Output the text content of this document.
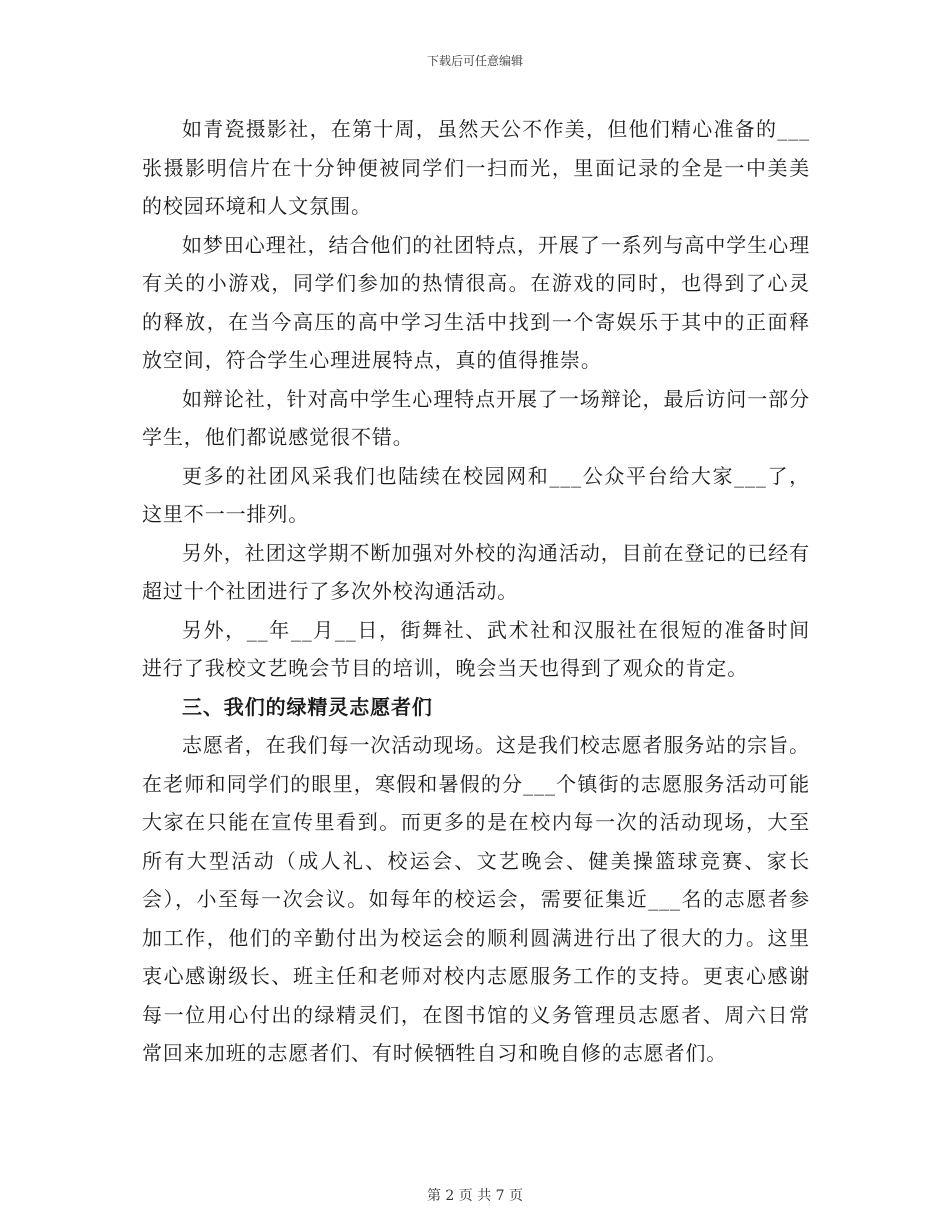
下载后可任意编辑

如青瓷摄影社，在第十周，虽然天公不作美，但他们精心准备的___张摄影明信片在十分钟便被同学们一扫而光，里面记录的全是一中美美的校园环境和人文氛围。

如梦田心理社，结合他们的社团特点，开展了一系列与高中学生心理有关的小游戏，同学们参加的热情很高。在游戏的同时，也得到了心灵的释放，在当今高压的高中学习生活中找到一个寄娱乐于其中的正面释放空间，符合学生心理进展特点，真的值得推崇。

如辩论社，针对高中学生心理特点开展了一场辩论，最后访问一部分学生，他们都说感觉很不错。

更多的社团风采我们也陆续在校园网和___公众平台给大家___了，这里不一一排列。

另外，社团这学期不断加强对外校的沟通活动，目前在登记的已经有超过十个社团进行了多次外校沟通活动。

另外，__年__月__日，街舞社、武术社和汉服社在很短的准备时间进行了我校文艺晚会节目的培训，晚会当天也得到了观众的肯定。

三、我们的绿精灵志愿者们

志愿者，在我们每一次活动现场。这是我们校志愿者服务站的宗旨。在老师和同学们的眼里，寒假和暑假的分___个镇街的志愿服务活动可能大家在只能在宣传里看到。而更多的是在校内每一次的活动现场，大至所有大型活动（成人礼、校运会、文艺晚会、健美操篮球竞赛、家长会），小至每一次会议。如每年的校运会，需要征集近___名的志愿者参加工作，他们的辛勤付出为校运会的顺利圆满进行出了很大的力。这里衷心感谢级长、班主任和老师对校内志愿服务工作的支持。更衷心感谢每一位用心付出的绿精灵们，在图书馆的义务管理员志愿者、周六日常常回来加班的志愿者们、有时候牺牲自习和晚自修的志愿者们。

第 2 页 共 7 页
